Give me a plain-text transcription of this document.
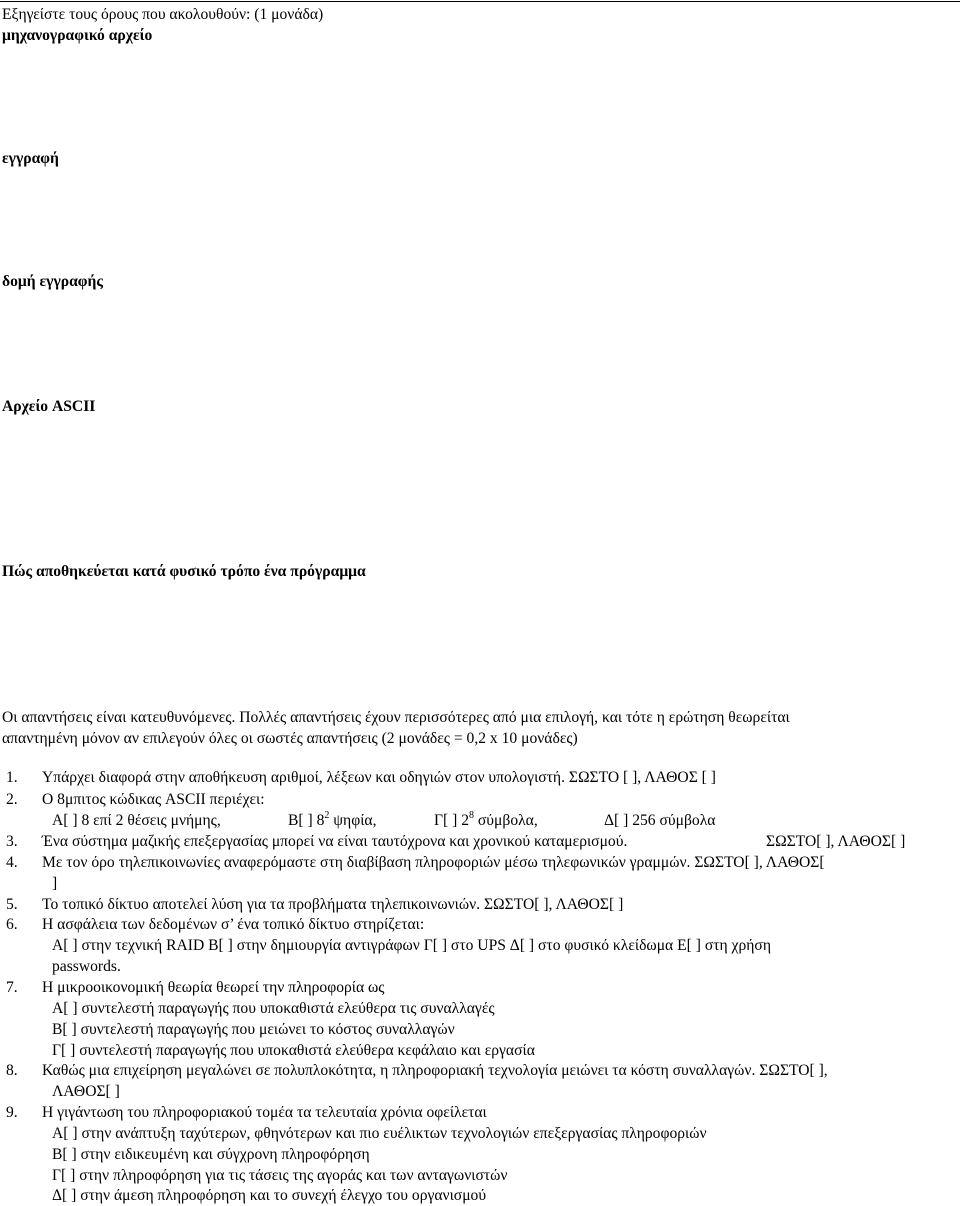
Εξηγείστε τους όρους που ακολουθούν: (1 μονάδα)
μηχανογραφικό αρχείο
εγγραφή
δομή εγγραφής
Αρχείο ASCII
Πώς αποθηκεύεται κατά φυσικό τρόπο ένα πρόγραμμα
Οι απαντήσεις είναι κατευθυνόμενες. Πολλές απαντήσεις έχουν περισσότερες από μια επιλογή, και τότε η ερώτηση θεωρείται
απαντημένη μόνον αν επιλεγούν όλες οι σωστές απαντήσεις (2 μονάδες = 0,2 x 10 μονάδες)
1. Υπάρχει διαφορά στην αποθήκευση αριθμοί, λέξεων και οδηγιών στον υπολογιστή. ΣΩΣΤΟ [ ], ΛΑΘΟΣ [ ]
2. Ο 8μπιτος κώδικας ASCII περιέχει:
Α[ ] 8 επί 2 θέσεις μνήμης,	Β[ ] $8^2$ ψηφία,	Γ[ ] $2^8$ σύμβολα,	Δ[ ] 256 σύμβολα
3. Ένα σύστημα μαζικής επεξεργασίας μπορεί να είναι ταυτόχρονα και χρονικού καταμερισμού.	ΣΩΣΤΟ[ ], ΛΑΘΟΣ[ ]
4. Με τον όρο τηλεπικοινωνίες αναφερόμαστε στη διαβίβαση πληροφοριών μέσω τηλεφωνικών γραμμών. ΣΩΣΤΟ[ ], ΛΑΘΟΣ[
]
5. Το τοπικό δίκτυο αποτελεί λύση για τα προβλήματα τηλεπικοινωνιών. ΣΩΣΤΟ[ ], ΛΑΘΟΣ[ ]
6. Η ασφάλεια των δεδομένων σ’ ένα τοπικό δίκτυο στηρίζεται:
Α[ ] στην τεχνική RAID Β[ ] στην δημιουργία αντιγράφων Γ[ ] στο UPS Δ[ ] στο φυσικό κλείδωμα Ε[ ] στη χρήση
passwords.
7. Η μικροοικονομική θεωρία θεωρεί την πληροφορία ως
Α[ ] συντελεστή παραγωγής που υποκαθιστά ελεύθερα τις συναλλαγές
Β[ ] συντελεστή παραγωγής που μειώνει το κόστος συναλλαγών
Γ[ ] συντελεστή παραγωγής που υποκαθιστά ελεύθερα κεφάλαιο και εργασία
8. Καθώς μια επιχείρηση μεγαλώνει σε πολυπλοκότητα, η πληροφοριακή τεχνολογία μειώνει τα κόστη συναλλαγών. ΣΩΣΤΟ[ ],
ΛΑΘΟΣ[ ]
9. Η γιγάντωση του πληροφοριακού τομέα τα τελευταία χρόνια οφείλεται
Α[ ] στην ανάπτυξη ταχύτερων, φθηνότερων και πιο ευέλικτων τεχνολογιών επεξεργασίας πληροφοριών
Β[ ] στην ειδικευμένη και σύγχρονη πληροφόρηση
Γ[ ] στην πληροφόρηση για τις τάσεις της αγοράς και των ανταγωνιστών
Δ[ ] στην άμεση πληροφόρηση και το συνεχή έλεγχο του οργανισμού
